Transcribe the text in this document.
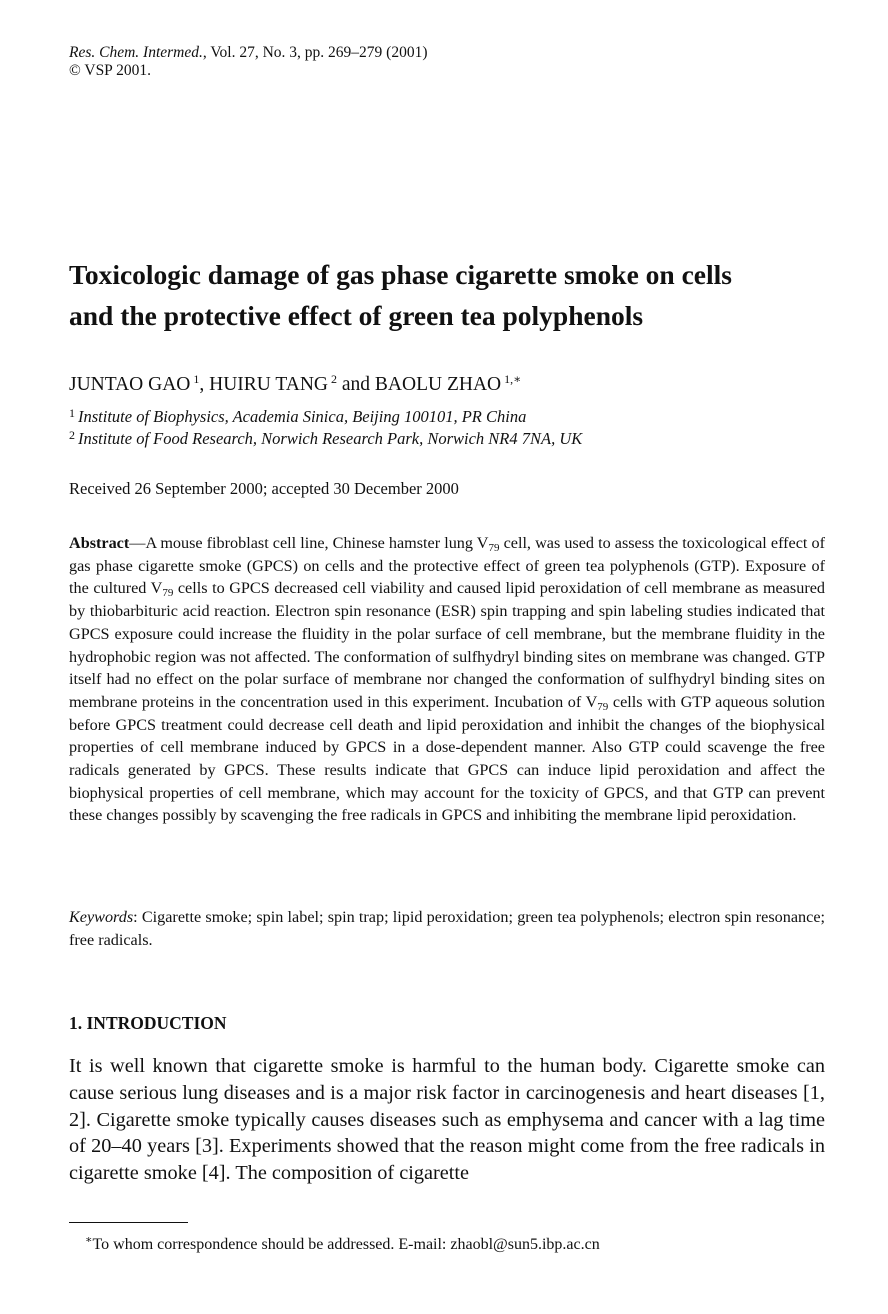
Res. Chem. Intermed., Vol. 27, No. 3, pp. 269–279 (2001)
© VSP 2001.
Toxicologic damage of gas phase cigarette smoke on cells
and the protective effect of green tea polyphenols
JUNTAO GAO $^1$, HUIRU TANG $^2$ and BAOLU ZHAO $^{1,∗}$
$^1$ Institute of Biophysics, Academia Sinica, Beijing 100101, PR China
$^2$ Institute of Food Research, Norwich Research Park, Norwich NR4 7NA, UK
Received 26 September 2000; accepted 30 December 2000

Abstract—A mouse fibroblast cell line, Chinese hamster lung $V_{79}$ cell, was used to assess the toxicological effect of gas phase cigarette smoke (GPCS) on cells and the protective effect of green tea polyphenols (GTP). Exposure of the cultured $V_{79}$ cells to GPCS decreased cell viability and caused lipid peroxidation of cell membrane as measured by thiobarbituric acid reaction. Electron spin resonance (ESR) spin trapping and spin labeling studies indicated that GPCS exposure could increase the fluidity in the polar surface of cell membrane, but the membrane fluidity in the hydrophobic region was not affected. The conformation of sulfhydryl binding sites on membrane was changed. GTP itself had no effect on the polar surface of membrane nor changed the conformation of sulfhydryl binding sites on membrane proteins in the concentration used in this experiment. Incubation of $V_{79}$ cells with GTP aqueous solution before GPCS treatment could decrease cell death and lipid peroxidation and inhibit the changes of the biophysical properties of cell membrane induced by GPCS in a dose-dependent manner. Also GTP could scavenge the free radicals generated by GPCS. These results indicate that GPCS can induce lipid peroxidation and affect the biophysical properties of cell membrane, which may account for the toxicity of GPCS, and that GTP can prevent these changes possibly by scavenging the free radicals in GPCS and inhibiting the membrane lipid peroxidation.

Keywords: Cigarette smoke; spin label; spin trap; lipid peroxidation; green tea polyphenols; electron spin resonance; free radicals.

1. INTRODUCTION

It is well known that cigarette smoke is harmful to the human body. Cigarette smoke can cause serious lung diseases and is a major risk factor in carcinogenesis and heart diseases [1, 2]. Cigarette smoke typically causes diseases such as emphysema and cancer with a lag time of 20–40 years [3]. Experiments showed that the reason might come from the free radicals in cigarette smoke [4]. The composition of cigarette

∗To whom correspondence should be addressed. E-mail: zhaobl@sun5.ibp.ac.cn
